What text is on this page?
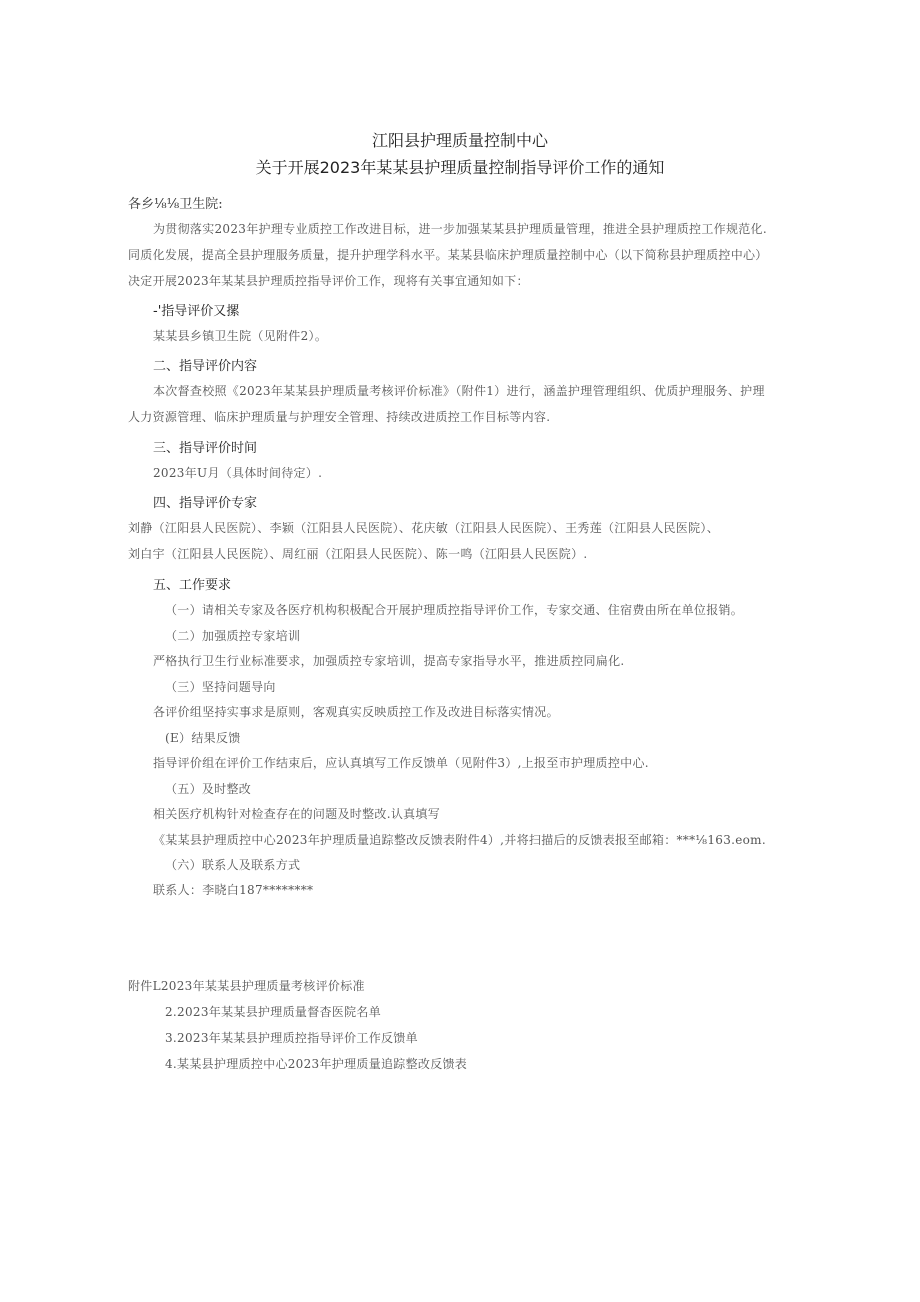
江阳县护理质量控制中心
关于开展2023年某某县护理质量控制指导评价工作的通知
各乡⅛⅛卫生院:
为贯彻落实2023年护理专业质控工作改进目标，进一步加强某某县护理质量管理，推进全县护理质控工作规范化.
同质化发展，提高全县护理服务质量，提升护理学科水平。某某县临床护理质量控制中心（以下简称县护理质控中心）
决定开展2023年某某县护理质控指导评价工作，现将有关事宜通知如下：
-'指导评价又摞
某某县乡镇卫生院（见附件2）。
二、指导评价内容
本次督查校照《2023年某某县护理质量考核评价标准》（附件1）进行，涵盖护理管理组织、优质护理服务、护理
人力资源管理、临床护理质量与护理安全管理、持续改进质控工作目标等内容.
三、指导评价时间
2023年U月（具体时间待定）.
四、指导评价专家
刘静（江阳县人民医院）、李颖（江阳县人民医院）、花庆敏（江阳县人民医院）、王秀莲（江阳县人民医院）、
刘白宇（江阳县人民医院）、周红丽（江阳县人民医院）、陈一鸣（江阳县人民医院）.
五、工作要求
（一）请相关专家及各医疗机构积极配合开展护理质控指导评价工作，专家交通、住宿费由所在单位报销。
（二）加强质控专家培训
严格执行卫生行业标准要求，加强质控专家培训，提高专家指导水平，推进质控同扁化.
（三）坚持问题导向
各评价组坚持实事求是原则，客观真实反映质控工作及改进目标落实情况。
(E）结果反馈
指导评价组在评价工作结束后，应认真填写工作反馈单（见附件3）,上报至市护理质控中心.
（五）及时整改
相关医疗机构针对检查存在的问题及时整改.认真填写
《某某县护理质控中心2023年护理质量追踪整改反馈表附件4）,并将扫描后的反馈表报至邮箱：***⅛163.eom.
（六）联系人及联系方式
联系人：李晓白187********
附件L2023年某某县护理质量考核评价标准
2.2023年某某县护理质量督杳医院名单
3.2023年某某县护理质控指导评价工作反馈单
4.某某县护理质控中心2023年护理质量追踪整改反馈表
